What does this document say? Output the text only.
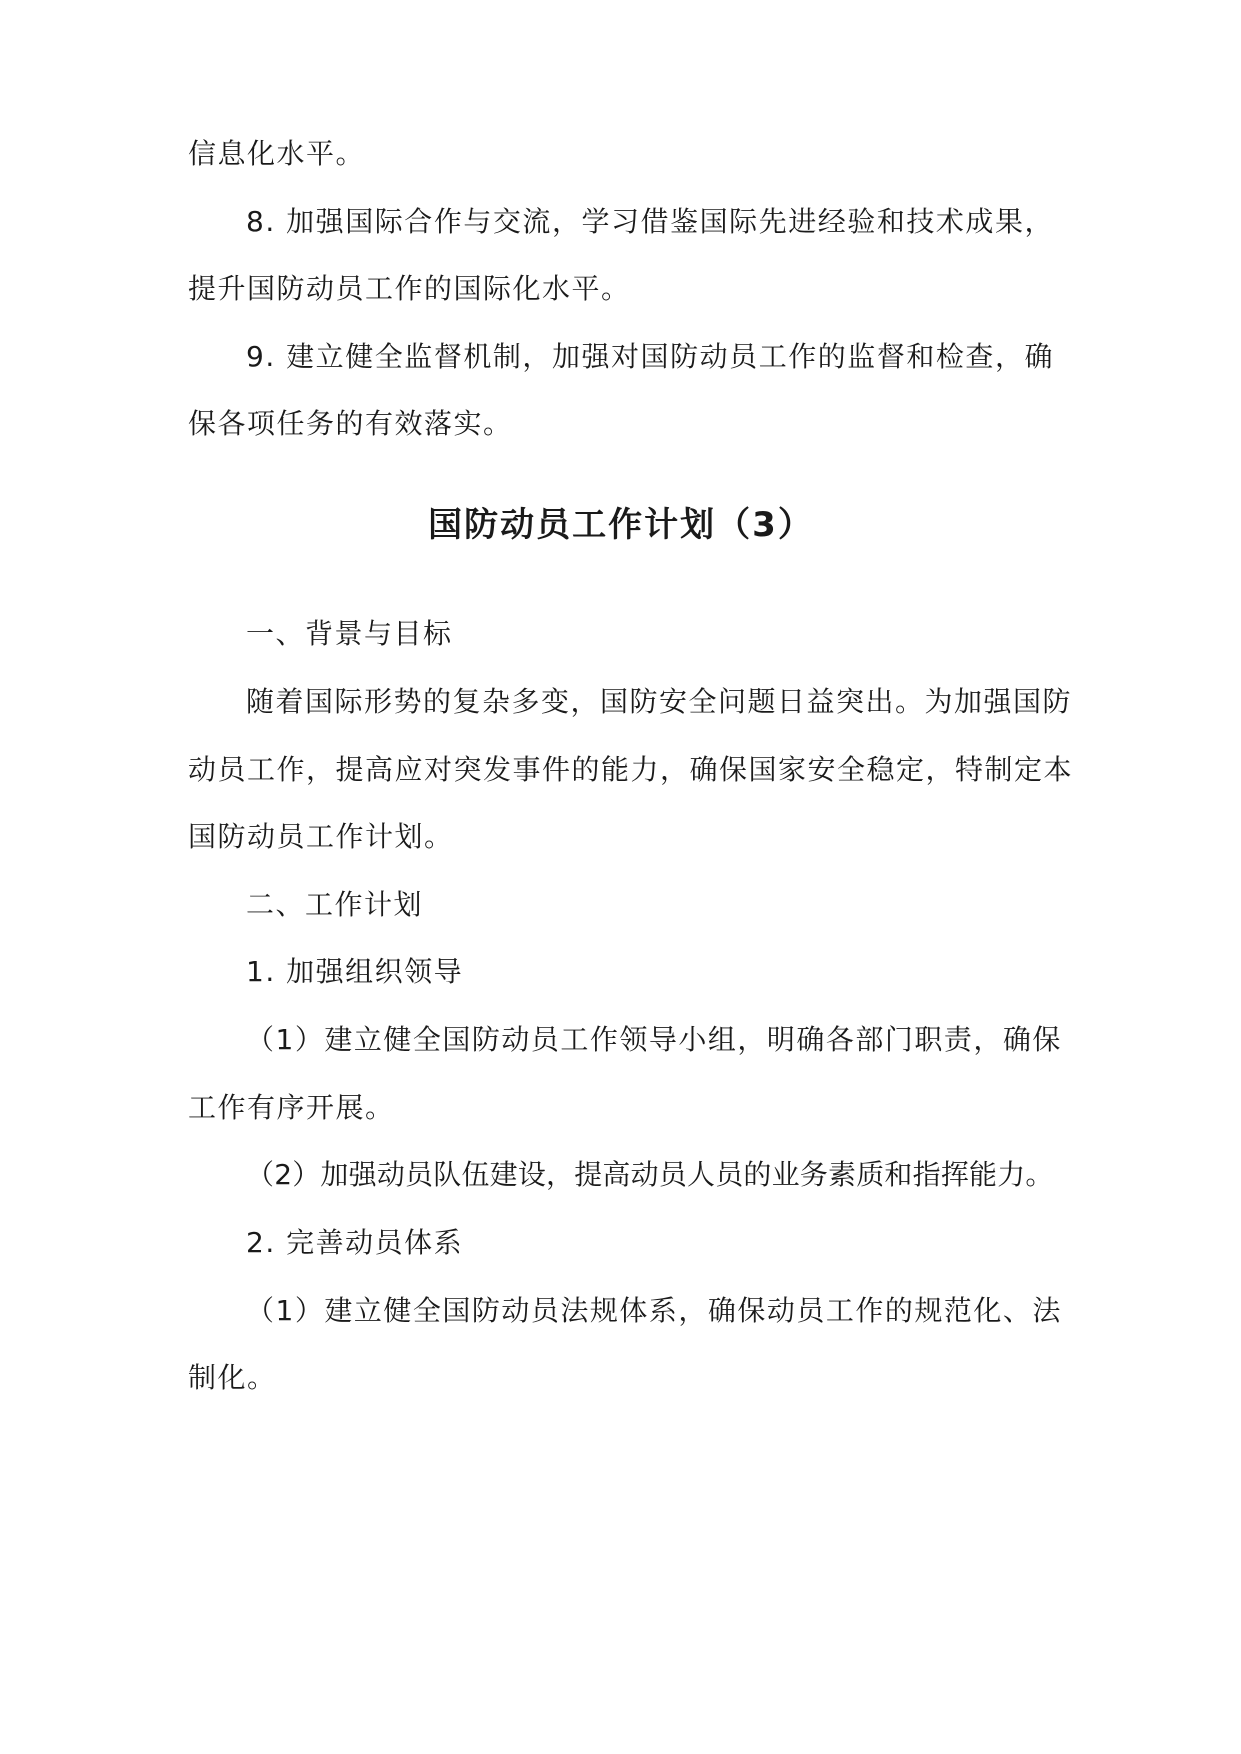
信息化水平。
8. 加强国际合作与交流，学习借鉴国际先进经验和技术成果，
提升国防动员工作的国际化水平。
9. 建立健全监督机制，加强对国防动员工作的监督和检查，确
保各项任务的有效落实。
国防动员工作计划（3）
一、背景与目标
随着国际形势的复杂多变，国防安全问题日益突出。为加强国防
动员工作，提高应对突发事件的能力，确保国家安全稳定，特制定本
国防动员工作计划。
二、工作计划
1. 加强组织领导
（1）建立健全国防动员工作领导小组，明确各部门职责，确保
工作有序开展。
（2）加强动员队伍建设，提高动员人员的业务素质和指挥能力。
2. 完善动员体系
（1）建立健全国防动员法规体系，确保动员工作的规范化、法
制化。
